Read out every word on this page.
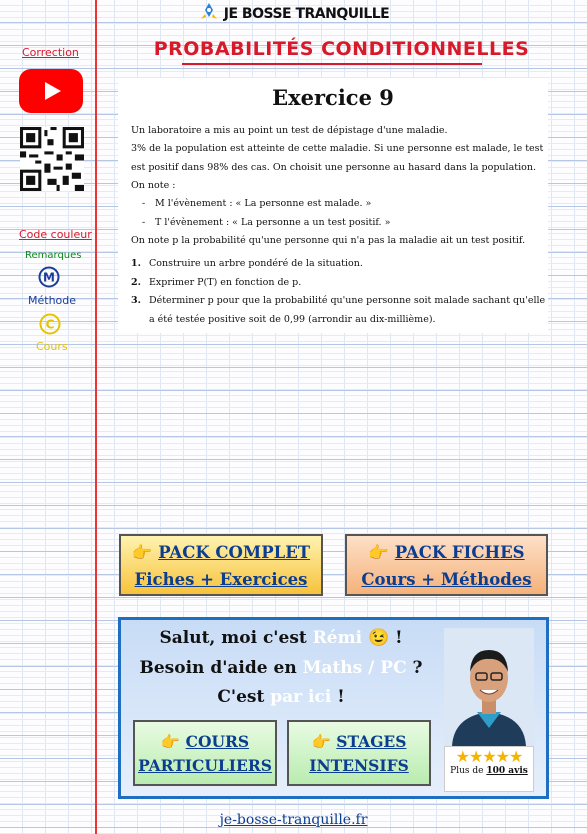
JE BOSSE TRANQUILLE
PROBABILITÉS CONDITIONNELLES
Correction
Code couleur
Remarques
M
Méthode
C
Cours
Exercice 9
Un laboratoire a mis au point un test de dépistage d'une maladie.
3% de la population est atteinte de cette maladie. Si une personne est malade, le test
est positif dans 98% des cas. On choisit une personne au hasard dans la population.
On note :
- M l'évènement : « La personne est malade. »
- T l'évènement : « La personne a un test positif. »
On note p la probabilité qu'une personne qui n'a pas la maladie ait un test positif.
1. Construire un arbre pondéré de la situation.
2. Exprimer P(T) en fonction de p.
3. Déterminer p pour que la probabilité qu'une personne soit malade sachant qu'elle
a été testée positive soit de 0,99 (arrondir au dix-millième).
👉 PACK COMPLET
Fiches + Exercices
👉 PACK FICHES
Cours + Méthodes
Salut, moi c'est Rémi 😉 !
Besoin d'aide en Maths / PC ?
C'est par ici !
👉 COURS
PARTICULIERS
👉 STAGES
INTENSIFS	★★★★★
Plus de 100 avis
je-bosse-tranquille.fr
